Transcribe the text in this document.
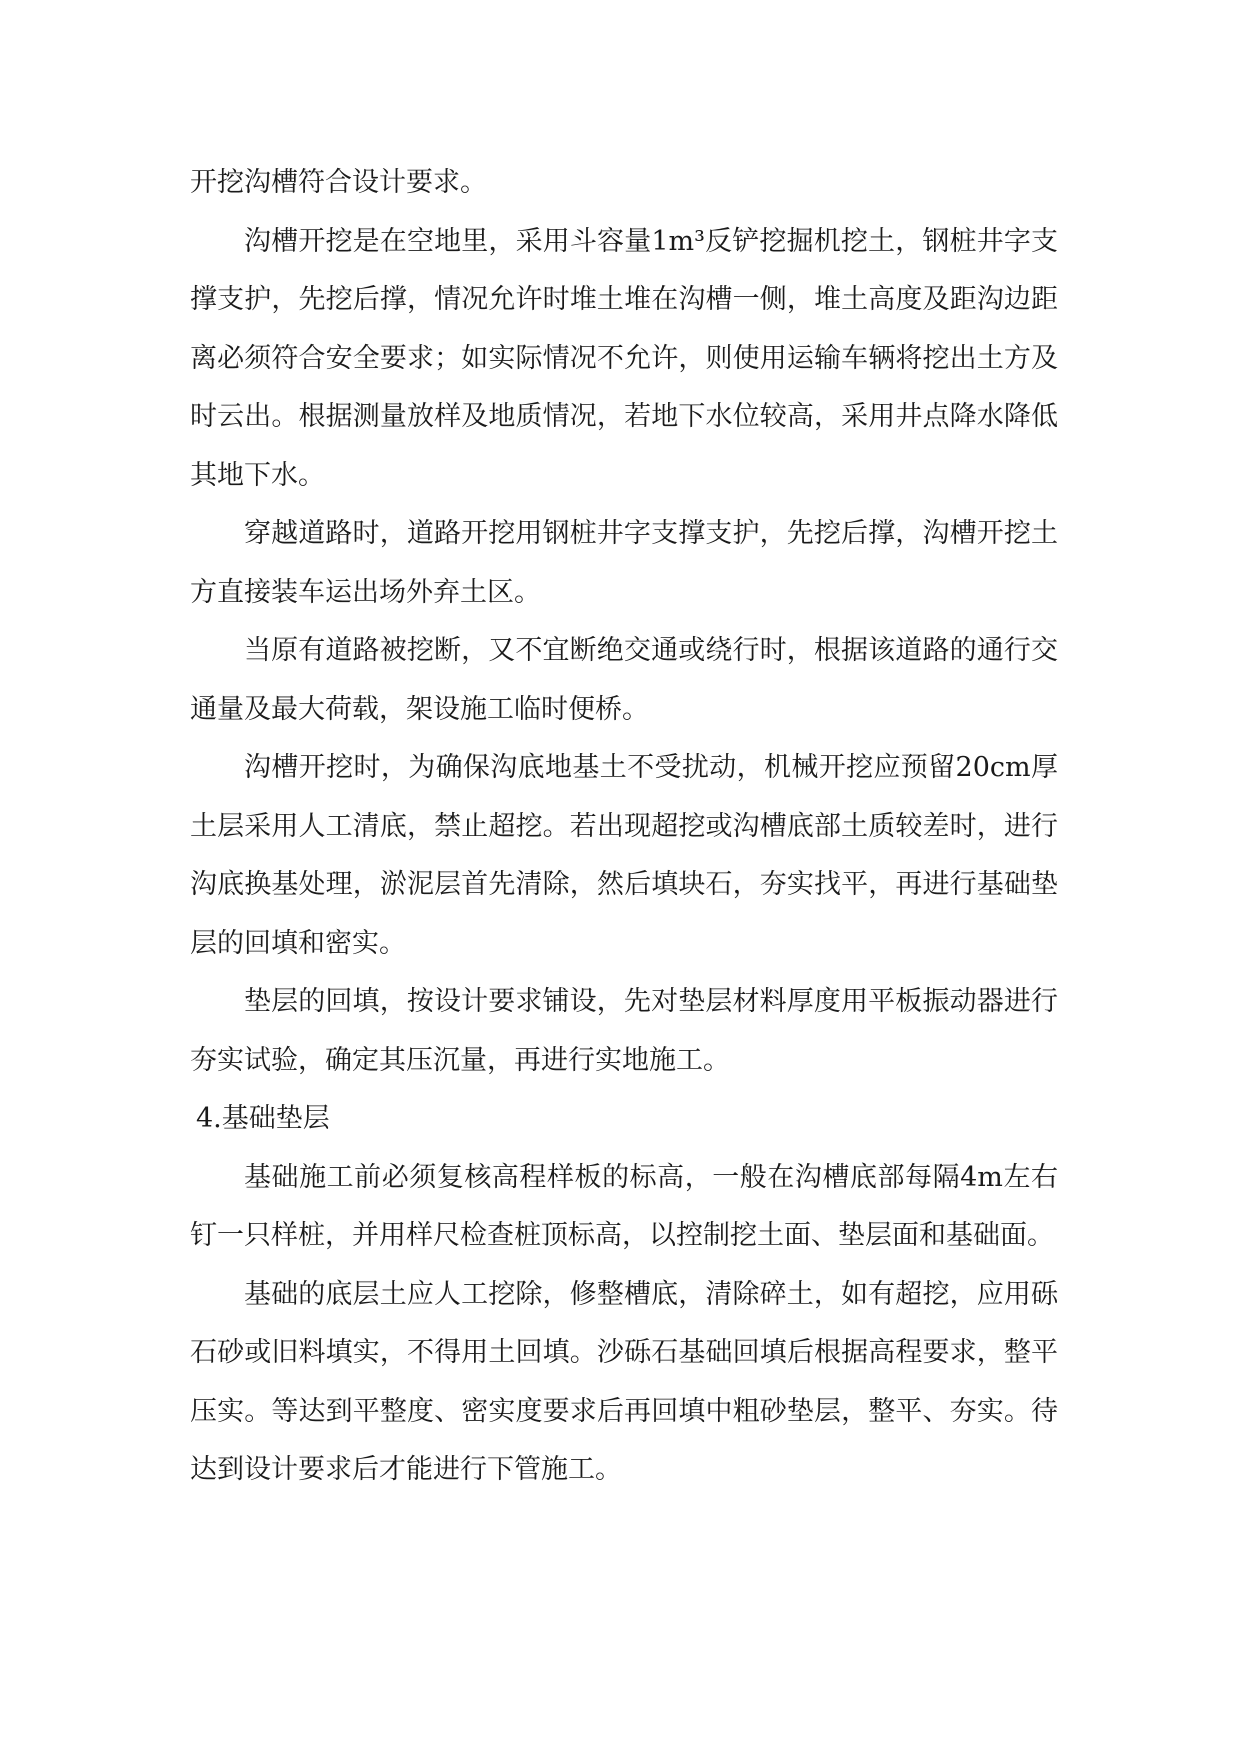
开挖沟槽符合设计要求。

沟槽开挖是在空地里，采用斗容量1m³反铲挖掘机挖土，钢桩井字支撑支护，先挖后撑，情况允许时堆土堆在沟槽一侧，堆土高度及距沟边距离必须符合安全要求；如实际情况不允许，则使用运输车辆将挖出土方及时云出。根据测量放样及地质情况，若地下水位较高，采用井点降水降低其地下水。

穿越道路时，道路开挖用钢桩井字支撑支护，先挖后撑，沟槽开挖土方直接装车运出场外弃土区。

当原有道路被挖断，又不宜断绝交通或绕行时，根据该道路的通行交通量及最大荷载，架设施工临时便桥。

沟槽开挖时，为确保沟底地基土不受扰动，机械开挖应预留20cm厚土层采用人工清底，禁止超挖。若出现超挖或沟槽底部土质较差时，进行沟底换基处理，淤泥层首先清除，然后填块石，夯实找平，再进行基础垫层的回填和密实。

垫层的回填，按设计要求铺设，先对垫层材料厚度用平板振动器进行夯实试验，确定其压沉量，再进行实地施工。

4.基础垫层

基础施工前必须复核高程样板的标高，一般在沟槽底部每隔4m左右钉一只样桩，并用样尺检查桩顶标高，以控制挖土面、垫层面和基础面。

基础的底层土应人工挖除，修整槽底，清除碎土，如有超挖，应用砾石砂或旧料填实，不得用土回填。沙砾石基础回填后根据高程要求，整平压实。等达到平整度、密实度要求后再回填中粗砂垫层，整平、夯实。待达到设计要求后才能进行下管施工。
